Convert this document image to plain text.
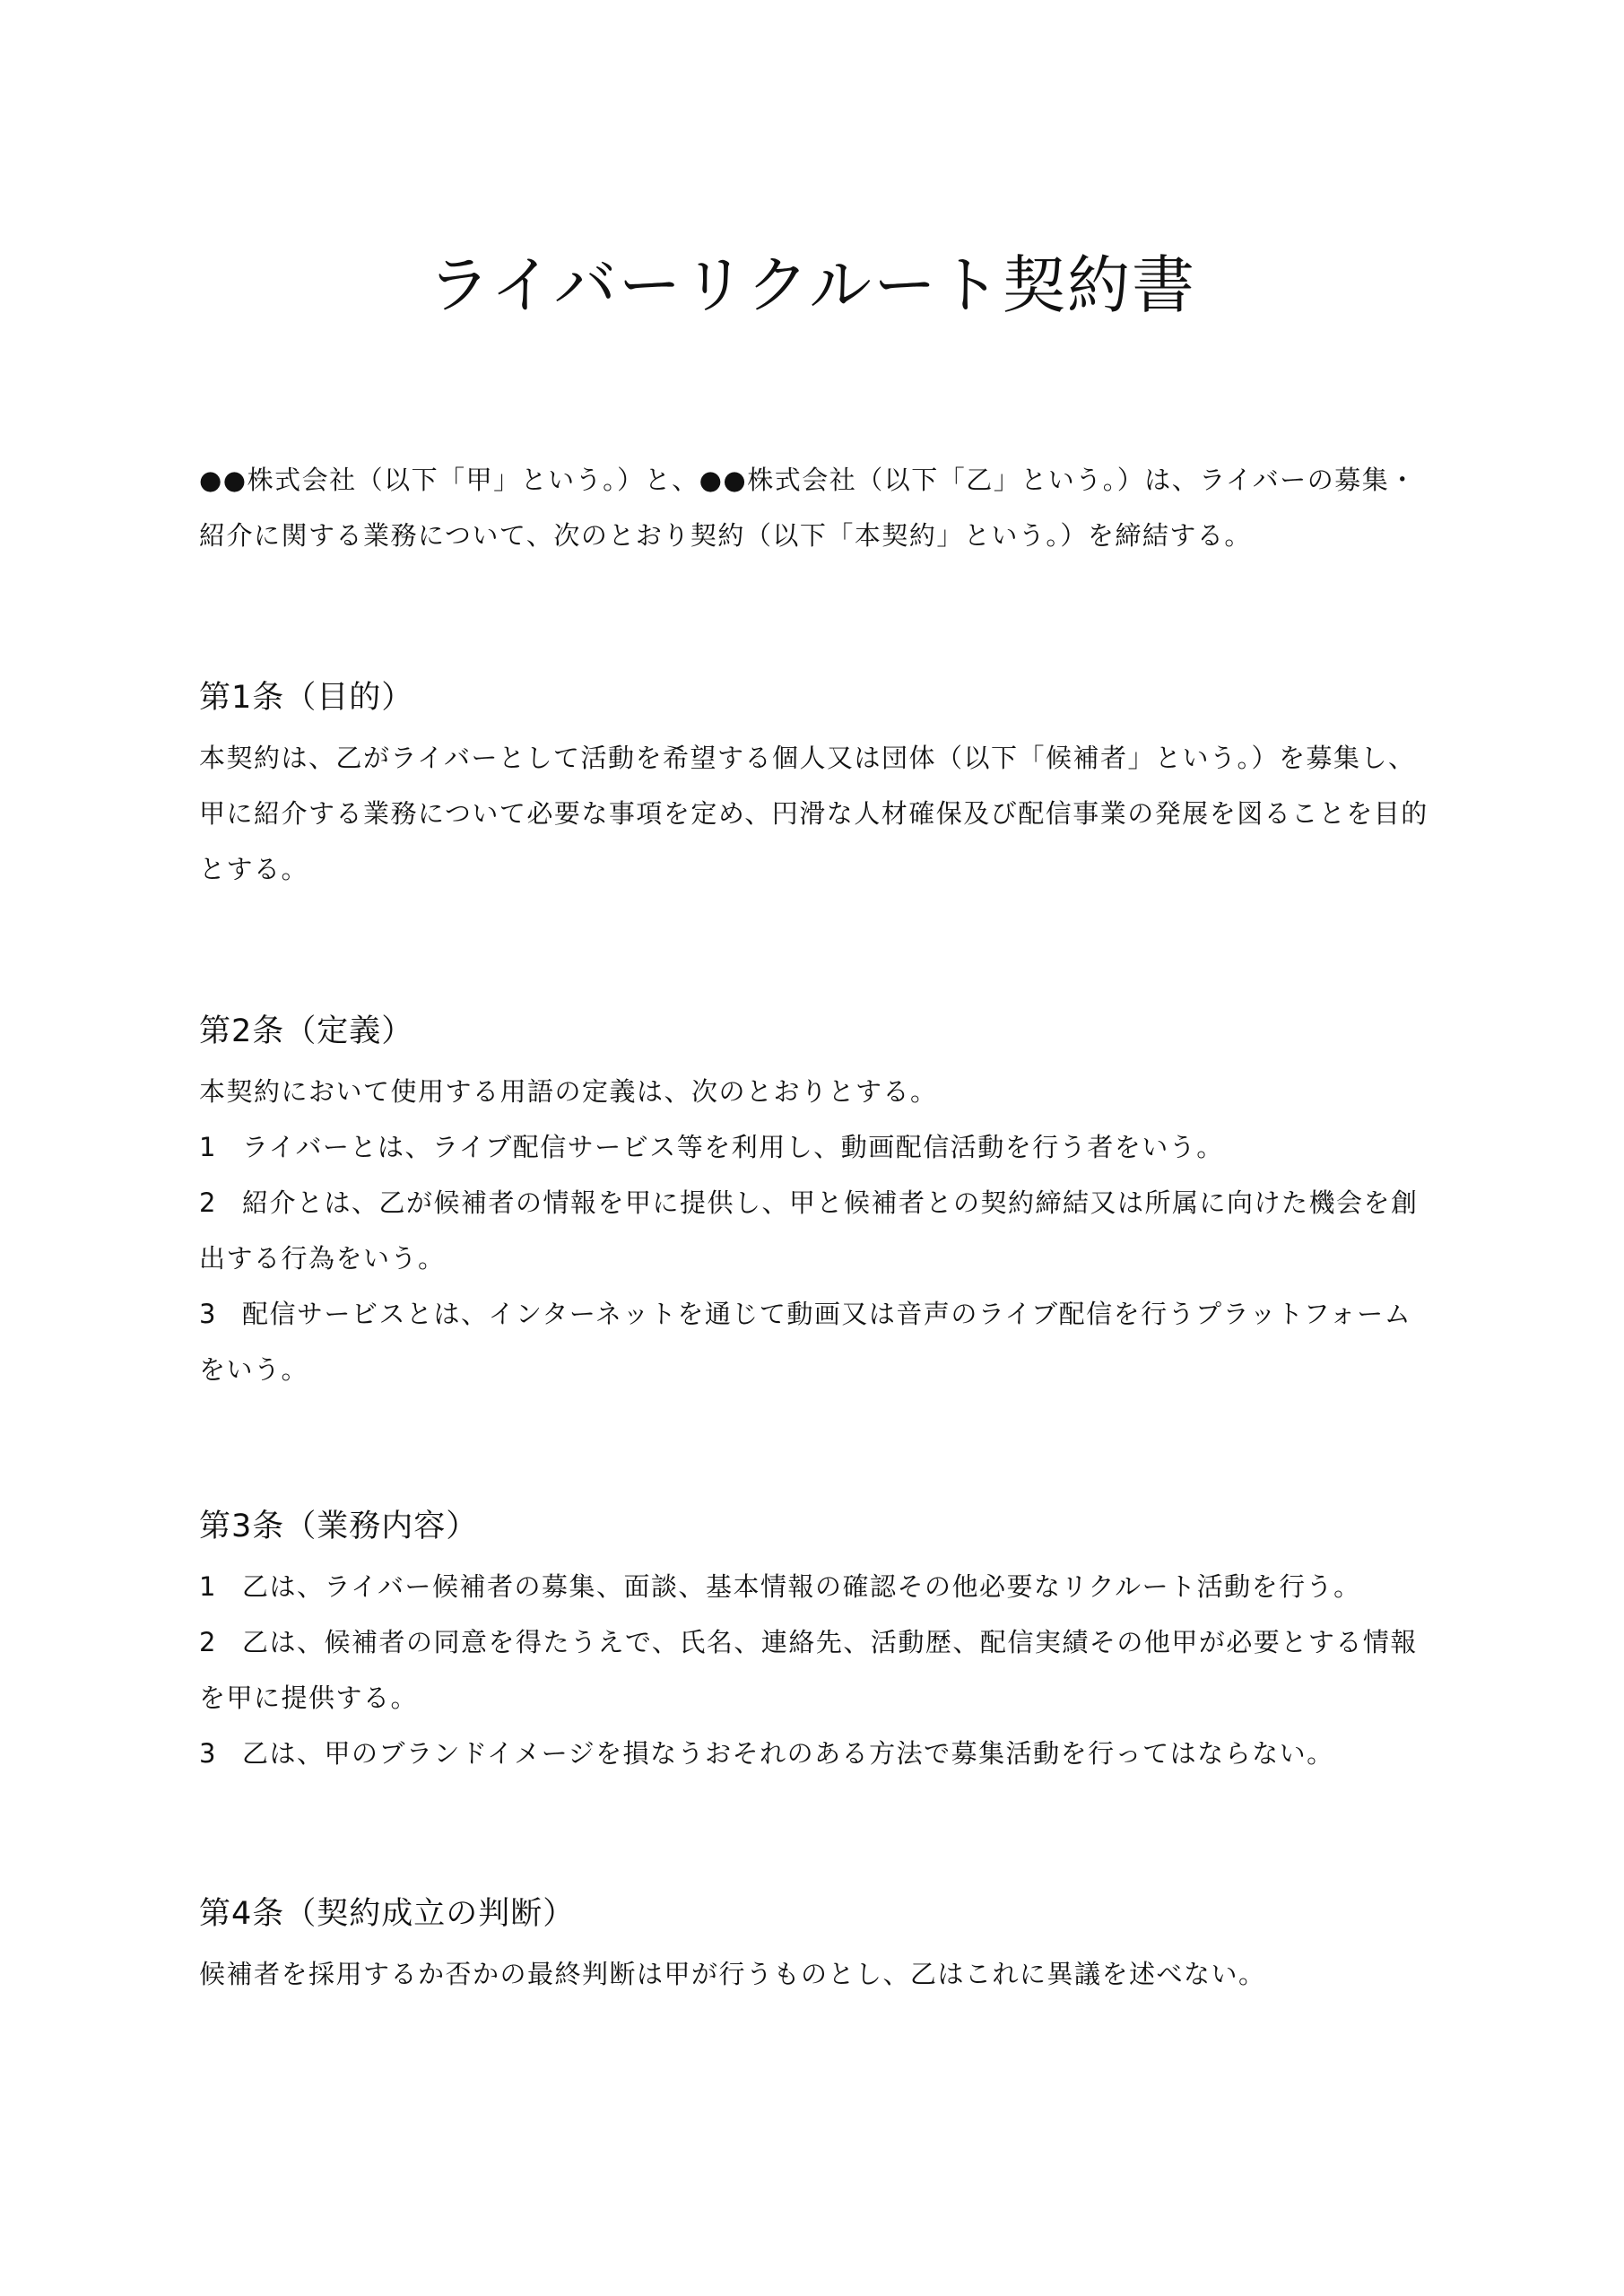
ライバーリクルート契約書
●●株式会社（以下「甲」という。）と、●●株式会社（以下「乙」という。）は、ライバーの募集・
紹介に関する業務について、次のとおり契約（以下「本契約」という。）を締結する。
第1条（目的）
本契約は、乙がライバーとして活動を希望する個人又は団体（以下「候補者」という。）を募集し、
甲に紹介する業務について必要な事項を定め、円滑な人材確保及び配信事業の発展を図ることを目的
とする。
第2条（定義）
本契約において使用する用語の定義は、次のとおりとする。
1 ライバーとは、ライブ配信サービス等を利用し、動画配信活動を行う者をいう。
2 紹介とは、乙が候補者の情報を甲に提供し、甲と候補者との契約締結又は所属に向けた機会を創
出する行為をいう。
3 配信サービスとは、インターネットを通じて動画又は音声のライブ配信を行うプラットフォーム
をいう。
第3条（業務内容）
1 乙は、ライバー候補者の募集、面談、基本情報の確認その他必要なリクルート活動を行う。
2 乙は、候補者の同意を得たうえで、氏名、連絡先、活動歴、配信実績その他甲が必要とする情報
を甲に提供する。
3 乙は、甲のブランドイメージを損なうおそれのある方法で募集活動を行ってはならない。
第4条（契約成立の判断）
候補者を採用するか否かの最終判断は甲が行うものとし、乙はこれに異議を述べない。
